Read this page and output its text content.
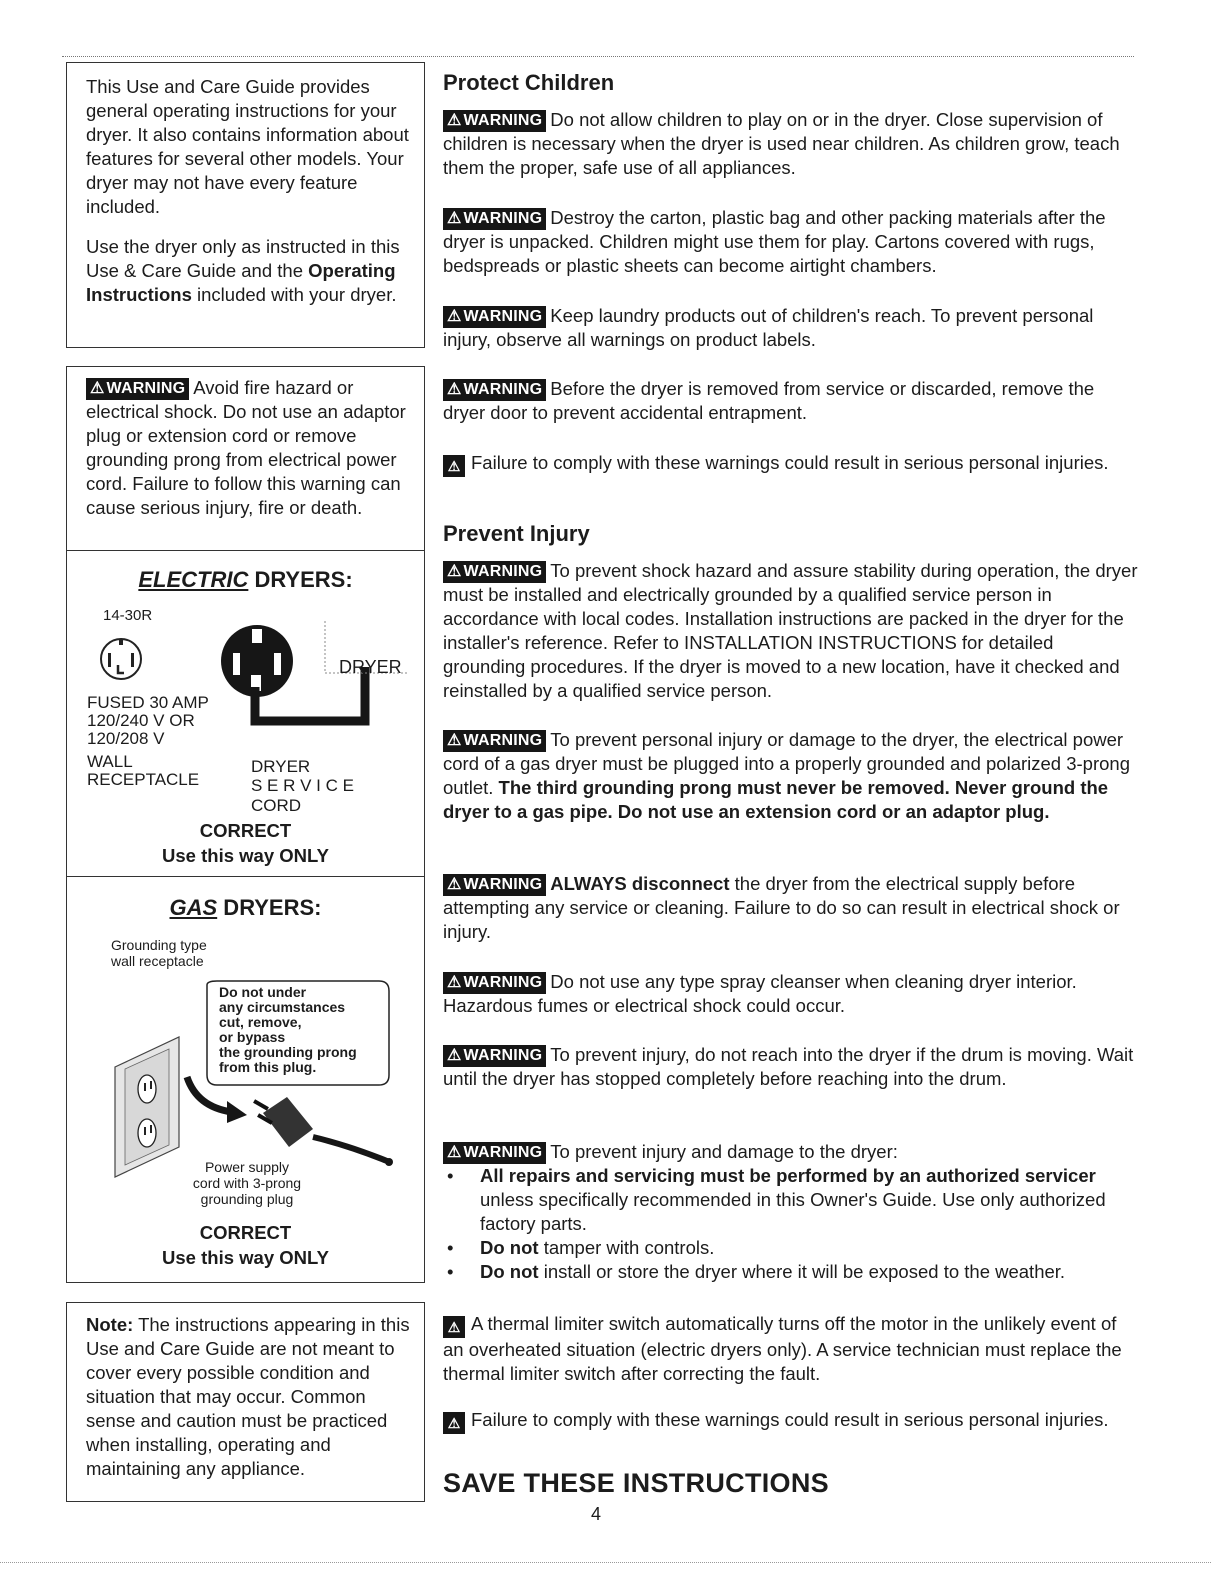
This Use and Care Guide provides general operating instructions for your dryer. It also contains information about features for several other models. Your dryer may not have every feature included.

Use the dryer only as instructed in this Use & Care Guide and the Operating Instructions included with your dryer.

⚠ WARNING Avoid fire hazard or electrical shock. Do not use an adaptor plug or extension cord or remove grounding prong from electrical power cord. Failure to follow this warning can cause serious injury, fire or death.
ELECTRIC DRYERS:
14-30R
DRYER
FUSED 30 AMP
120/240 V OR
120/208 V
WALL
RECEPTACLE
DRYER
S E R V I C E
CORD
CORRECT
Use this way ONLY
GAS DRYERS:
Grounding type
wall receptacle
Do not under
any circumstances
cut, remove,
or bypass
the grounding prong
from this plug.
Power supply
cord with 3-prong
grounding plug
CORRECT
Use this way ONLY
Note: The instructions appearing in this Use and Care Guide are not meant to cover every possible condition and situation that may occur. Common sense and caution must be practiced when installing, operating and maintaining any appliance.
Protect Children

⚠ WARNING Do not allow children to play on or in the dryer. Close supervision of children is necessary when the dryer is used near children. As children grow, teach them the proper, safe use of all appliances.

⚠ WARNING Destroy the carton, plastic bag and other packing materials after the dryer is unpacked. Children might use them for play. Cartons covered with rugs, bedspreads or plastic sheets can become airtight chambers.

⚠ WARNING Keep laundry products out of children's reach. To prevent personal injury, observe all warnings on product labels.

⚠ WARNING Before the dryer is removed from service or discarded, remove the dryer door to prevent accidental entrapment.

⚠ Failure to comply with these warnings could result in serious personal injuries.

Prevent Injury

⚠ WARNING To prevent shock hazard and assure stability during operation, the dryer must be installed and electrically grounded by a qualified service person in accordance with local codes. Installation instructions are packed in the dryer for the installer's reference. Refer to INSTALLATION INSTRUCTIONS for detailed grounding procedures. If the dryer is moved to a new location, have it checked and reinstalled by a qualified service person.

⚠ WARNING To prevent personal injury or damage to the dryer, the electrical power cord of a gas dryer must be plugged into a properly grounded and polarized 3-prong outlet. The third grounding prong must never be removed. Never ground the dryer to a gas pipe. Do not use an extension cord or an adaptor plug.

⚠ WARNING ALWAYS disconnect the dryer from the electrical supply before attempting any service or cleaning. Failure to do so can result in electrical shock or injury.

⚠ WARNING Do not use any type spray cleanser when cleaning dryer interior. Hazardous fumes or electrical shock could occur.

⚠ WARNING To prevent injury, do not reach into the dryer if the drum is moving. Wait until the dryer has stopped completely before reaching into the drum.

⚠ WARNING To prevent injury and damage to the dryer:

• All repairs and servicing must be performed by an authorized servicer unless specifically recommended in this Owner's Guide. Use only authorized factory parts.
• Do not tamper with controls.
• Do not install or store the dryer where it will be exposed to the weather.

⚠ A thermal limiter switch automatically turns off the motor in the unlikely event of an overheated situation (electric dryers only). A service technician must replace the thermal limiter switch after correcting the fault.

⚠ Failure to comply with these warnings could result in serious personal injuries.

SAVE THESE INSTRUCTIONS
4
